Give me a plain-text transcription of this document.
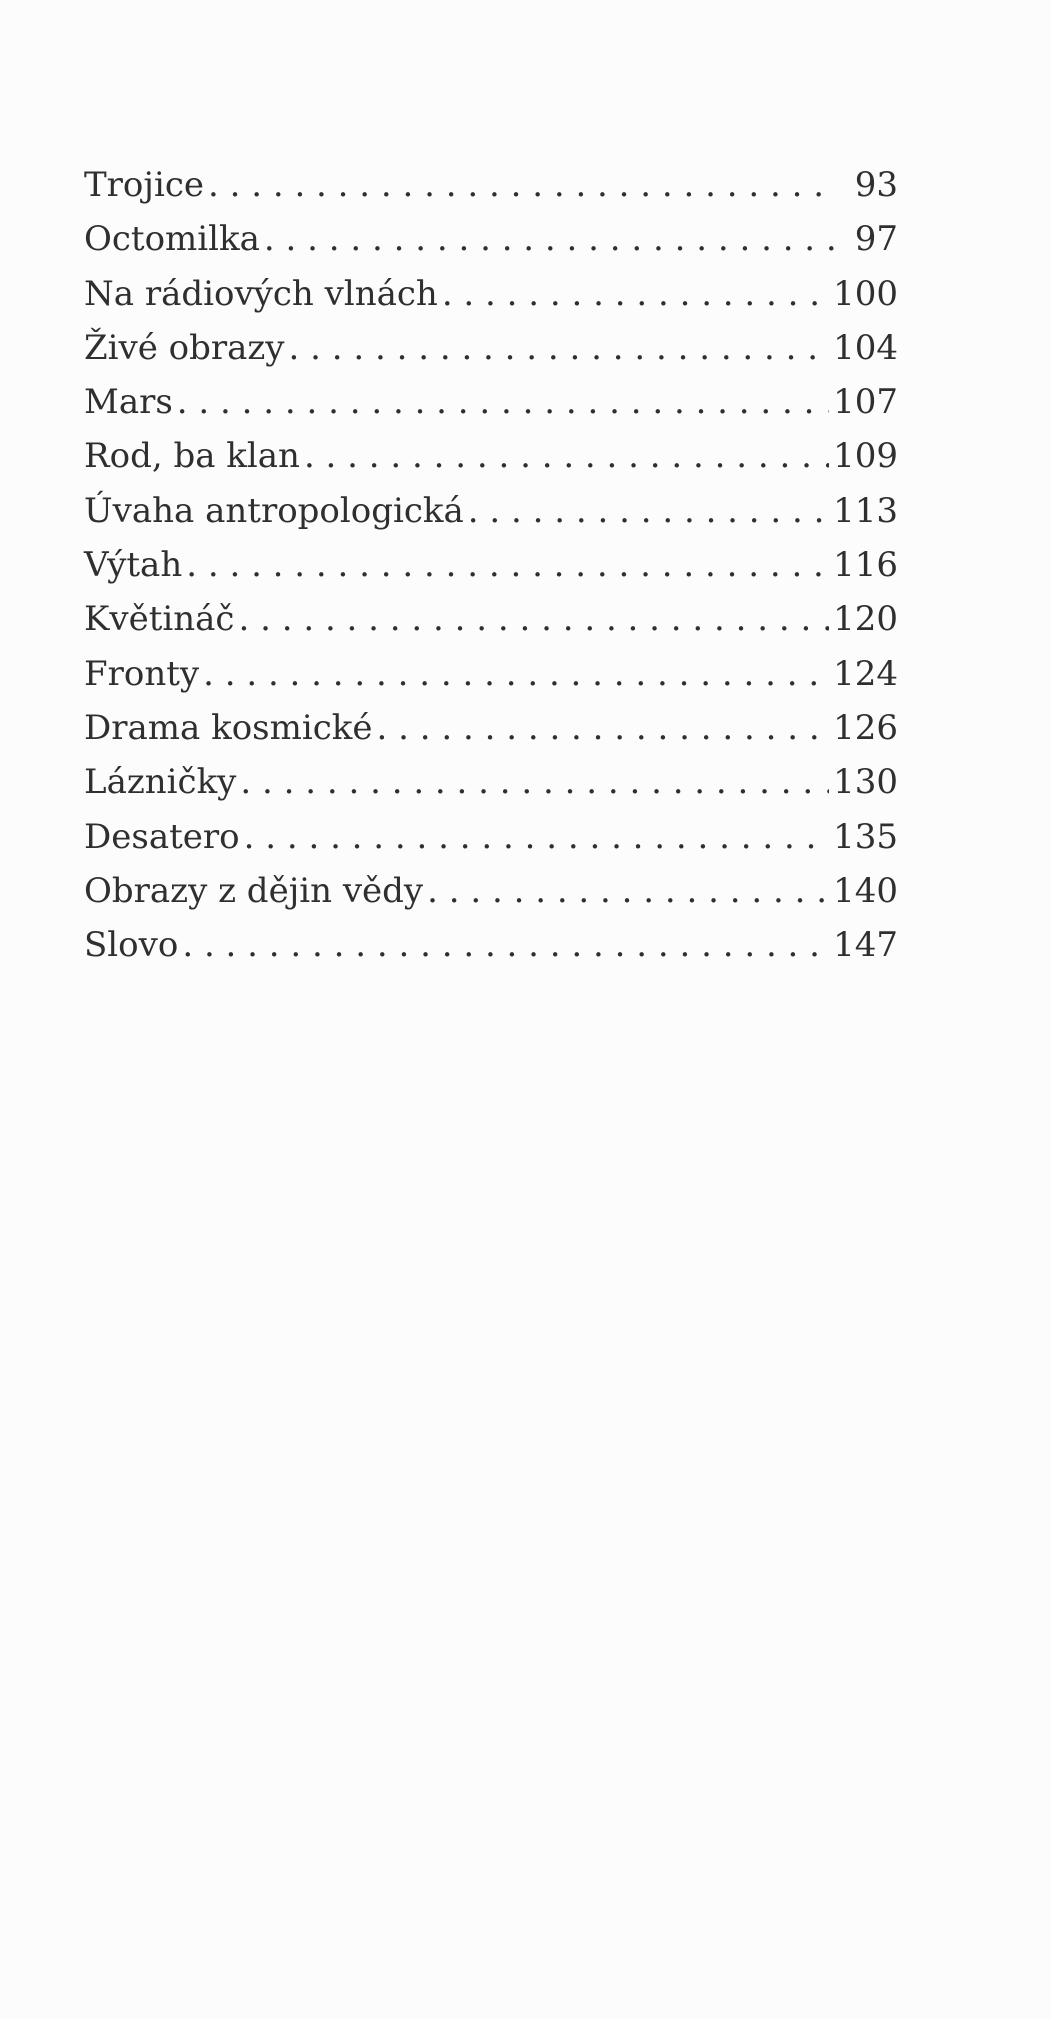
Trojice . . .	93
Octomilka . . .	97
Na rádiových vlnách . . .	100
Živé obrazy . . .	104
Mars . . .	107
Rod, ba klan . . .	109
Úvaha antropologická . . .	113
Výtah . . .	116
Květináč . . .	120
Fronty . . .	124
Drama kosmické . . .	126
Lázničky . . .	130
Desatero . . .	135
Obrazy z dějin vědy . . .	140
Slovo . . .	147
